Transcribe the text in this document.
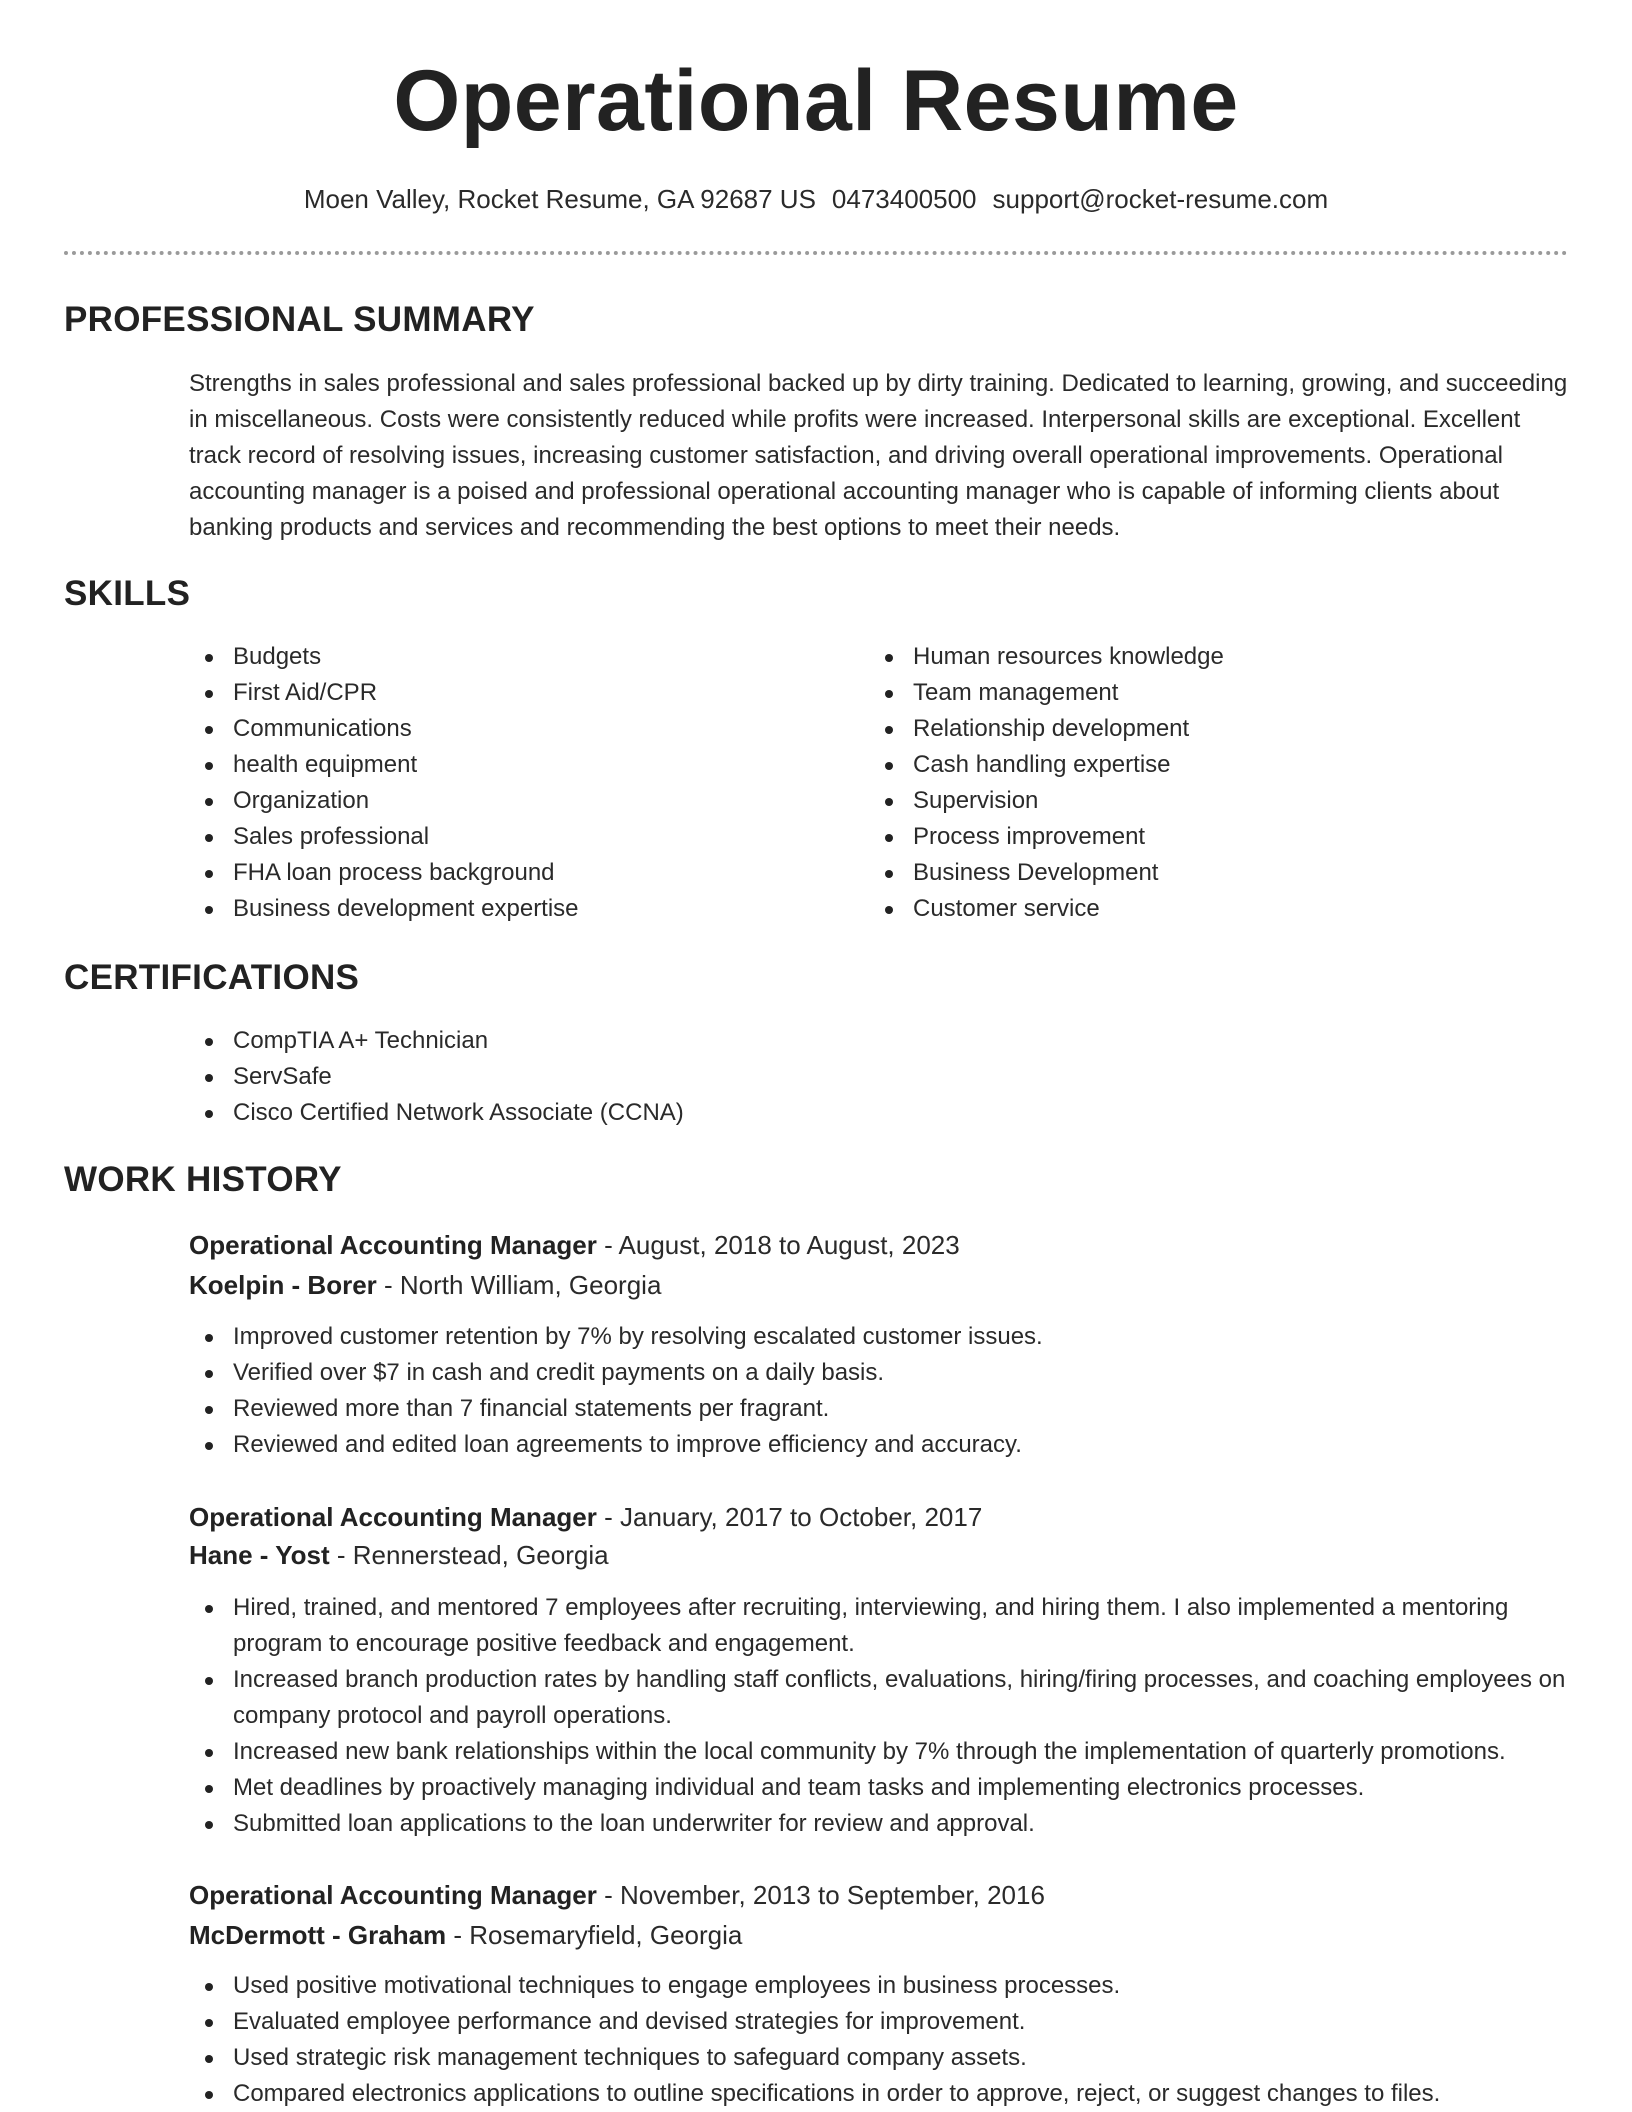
Operational Resume
Moen Valley, Rocket Resume, GA 92687 US 0473400500 support@rocket-resume.com
PROFESSIONAL SUMMARY
Strengths in sales professional and sales professional backed up by dirty training. Dedicated to learning, growing, and succeeding in miscellaneous. Costs were consistently reduced while profits were increased. Interpersonal skills are exceptional. Excellent track record of resolving issues, increasing customer satisfaction, and driving overall operational improvements. Operational accounting manager is a poised and professional operational accounting manager who is capable of informing clients about banking products and services and recommending the best options to meet their needs.
SKILLS
Budgets
First Aid/CPR
Communications
health equipment
Organization
Sales professional
FHA loan process background
Business development expertise
Human resources knowledge
Team management
Relationship development
Cash handling expertise
Supervision
Process improvement
Business Development
Customer service
CERTIFICATIONS
CompTIA A+ Technician
ServSafe
Cisco Certified Network Associate (CCNA)
WORK HISTORY
Operational Accounting Manager - August, 2018 to August, 2023
Koelpin - Borer - North William, Georgia
Improved customer retention by 7% by resolving escalated customer issues.
Verified over $7 in cash and credit payments on a daily basis.
Reviewed more than 7 financial statements per fragrant.
Reviewed and edited loan agreements to improve efficiency and accuracy.
Operational Accounting Manager - January, 2017 to October, 2017
Hane - Yost - Rennerstead, Georgia
Hired, trained, and mentored 7 employees after recruiting, interviewing, and hiring them. I also implemented a mentoring program to encourage positive feedback and engagement.
Increased branch production rates by handling staff conflicts, evaluations, hiring/firing processes, and coaching employees on company protocol and payroll operations.
Increased new bank relationships within the local community by 7% through the implementation of quarterly promotions.
Met deadlines by proactively managing individual and team tasks and implementing electronics processes.
Submitted loan applications to the loan underwriter for review and approval.
Operational Accounting Manager - November, 2013 to September, 2016
McDermott - Graham - Rosemaryfield, Georgia
Used positive motivational techniques to engage employees in business processes.
Evaluated employee performance and devised strategies for improvement.
Used strategic risk management techniques to safeguard company assets.
Compared electronics applications to outline specifications in order to approve, reject, or suggest changes to files.
